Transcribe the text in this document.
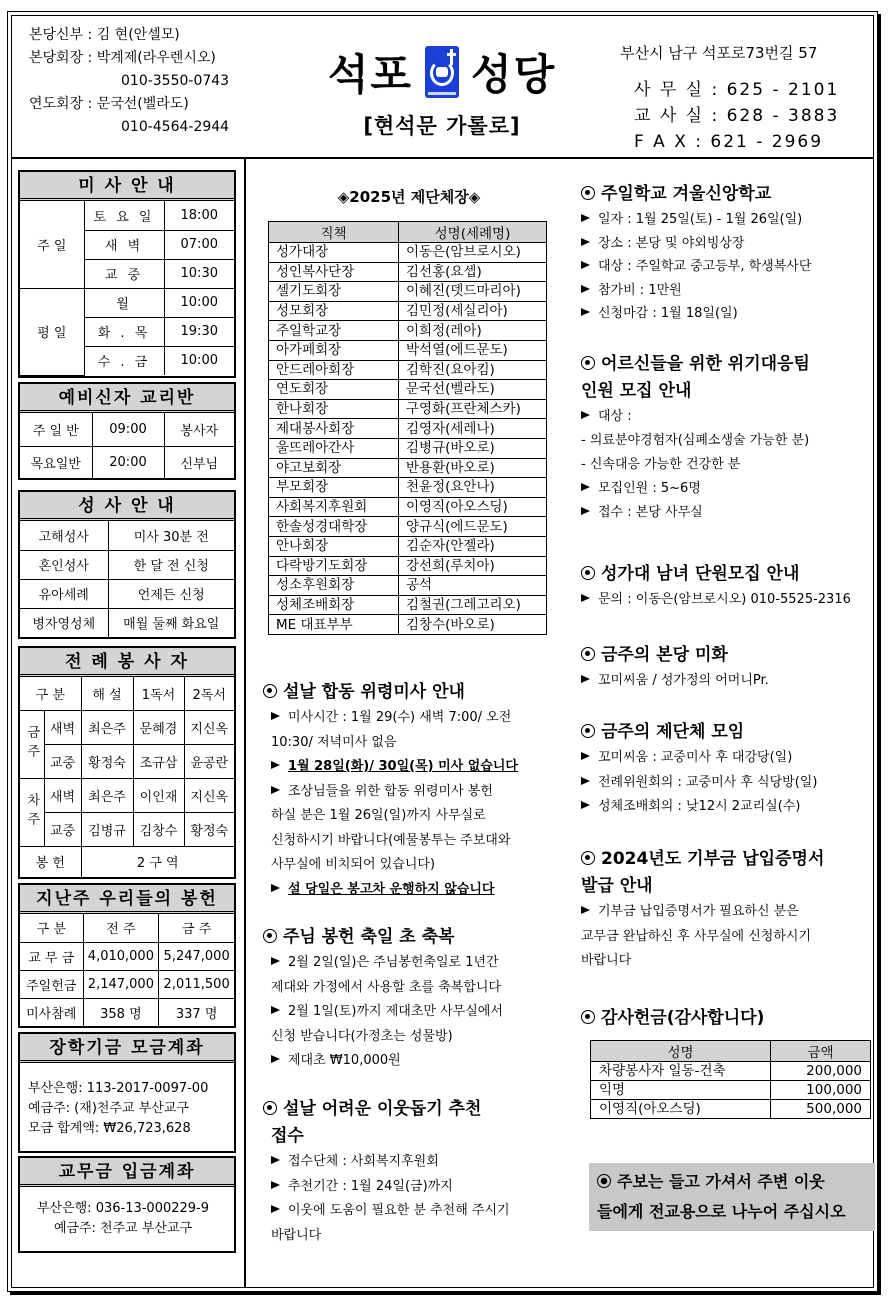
본당신부 : 김 현(안셀모)
본당회장 : 박계제(라우렌시오)
010-3550-0743
연도회장 : 문국선(벨라도)
010-4564-2944
석포 성당
[현석문 가롤로]
부산시 남구 석포로73번길 57
사 무 실 : 625 - 2101
교 사 실 : 628 - 3883
F A X : 621 - 2969
미 사 안 내
주 일	토 요 일	18:00
	새 벽	07:00
	교 중	10:30
평 일	월	10:00
	화 . 목	19:30
	수 . 금	10:00
예비신자 교리반
주 일 반	09:00	봉사자
목요일반	20:00	신부님
성 사 안 내
고해성사	미사 30분 전
혼인성사	한 달 전 신청
유아세례	언제든 신청
병자영성체	매월 둘째 화요일
전 례 봉 사 자
구 분		해 설	1독서	2독서
금주	새벽	최은주	문혜경	지신옥
	교중	황정숙	조규삼	윤공란
차주	새벽	최은주	이인재	지신옥
	교중	김병규	김창수	황정숙
봉 헌		2 구 역		
지난주 우리들의 봉헌
구 분	전 주	금 주
교 무 금	4,010,000	5,247,000
주일헌금	2,147,000	2,011,500
미사참례	358 명	337 명
장학기금 모금계좌
부산은행: 113-2017-0097-00
예금주: (재)천주교 부산교구
모금 합계액: ₩26,723,628
교무금 입금계좌
부산은행: 036-13-000229-9
예금주: 천주교 부산교구
◈2025년 제단체장◈
직책	성명(세례명)
성가대장	이동은(암브로시오)
성인복사단장	김선홍(요셉)
셀기도회장	이혜진(뎃드마리아)
성모회장	김민정(세실리아)
주일학교장	이희정(레아)
아가페회장	박석열(에드문도)
안드레아회장	김학진(요아킴)
연도회장	문국선(벨라도)
한나회장	구영화(프란체스카)
제대봉사회장	김영자(세레나)
울뜨레아간사	김병규(바오로)
야고보회장	반용환(바오로)
부모회장	천윤정(요안나)
사회복지후원회	이영직(아오스딩)
한솔성경대학장	양규식(에드문도)
안나회장	김순자(안젤라)
다락방기도회장	강선희(루치아)
성소후원회장	공석
성체조배회장	김철권(그레고리오)
ME 대표부부	김창수(바오로)
설날 합동 위령미사 안내
미사시간 : 1월 29(수) 새벽 7:00/ 오전
10:30/ 저녁미사 없음
1월 28일(화)/ 30일(목) 미사 없습니다
조상님들을 위한 합동 위령미사 봉헌
하실 분은 1월 26일(일)까지 사무실로
신청하시기 바랍니다(예물봉투는 주보대와
사무실에 비치되어 있습니다)
설 당일은 봉고차 운행하지 않습니다
주님 봉헌 축일 초 축복
2월 2일(일)은 주님봉헌축일로 1년간
제대와 가정에서 사용할 초를 축복합니다
2월 1일(토)까지 제대초만 사무실에서
신청 받습니다(가정초는 성물방)
제대초 ₩10,000원
설날 어려운 이웃돕기 추천
접수
접수단체 : 사회복지후원회
추천기간 : 1월 24일(금)까지
이웃에 도움이 필요한 분 추천해 주시기
바랍니다
주일학교 겨울신앙학교
일자 : 1월 25일(토) - 1월 26일(일)
장소 : 본당 및 야외빙상장
대상 : 주일학교 중고등부, 학생복사단
참가비 : 1만원
신청마감 : 1월 18일(일)
어르신들을 위한 위기대응팀
인원 모집 안내
대상 :
- 의료분야경험자(심폐소생술 가능한 분)
- 신속대응 가능한 건강한 분
모집인원 : 5~6명
접수 : 본당 사무실
성가대 남녀 단원모집 안내
문의 : 이동은(암브로시오) 010-5525-2316
금주의 본당 미화
꼬미씨움 / 성가정의 어머니Pr.
금주의 제단체 모임
꼬미씨움 : 교중미사 후 대강당(일)
전례위원회의 : 교중미사 후 식당방(일)
성체조배회의 : 낮12시 2교리실(수)
2024년도 기부금 납입증명서
발급 안내
기부금 납입증명서가 필요하신 분은
교무금 완납하신 후 사무실에 신청하시기
바랍니다
감사헌금(감사합니다)
성명	금액
차량봉사자 일동-건축	200,000
익명	100,000
이영직(아오스딩)	500,000
주보는 들고 가셔서 주변 이웃
들에게 전교용으로 나누어 주십시오
